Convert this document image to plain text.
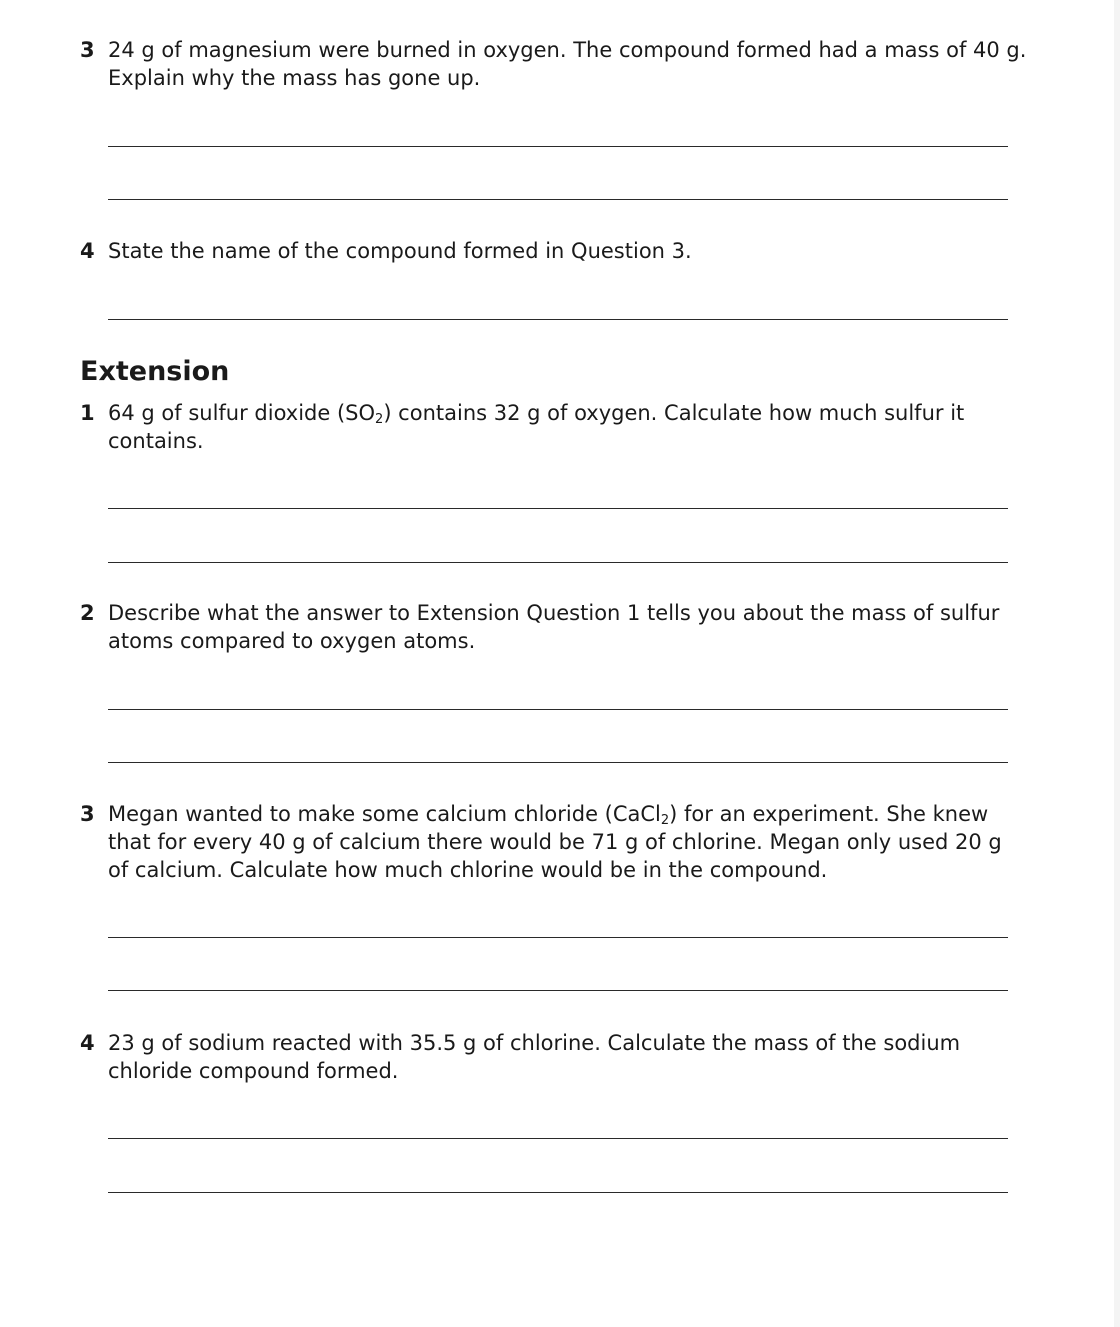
3 24 g of magnesium were burned in oxygen. The compound formed had a mass of 40 g. Explain why the mass has gone up.
4 State the name of the compound formed in Question 3.
Extension
1 64 g of sulfur dioxide $(SO_2)$ contains 32 g of oxygen. Calculate how much sulfur it contains.
2 Describe what the answer to Extension Question 1 tells you about the mass of sulfur atoms compared to oxygen atoms.
3 Megan wanted to make some calcium chloride (CaCl$_2$) for an experiment. She knew that for every 40 g of calcium there would be 71 g of chlorine. Megan only used 20 g of calcium. Calculate how much chlorine would be in the compound.
4 23 g of sodium reacted with 35.5 g of chlorine. Calculate the mass of the sodium chloride compound formed.
